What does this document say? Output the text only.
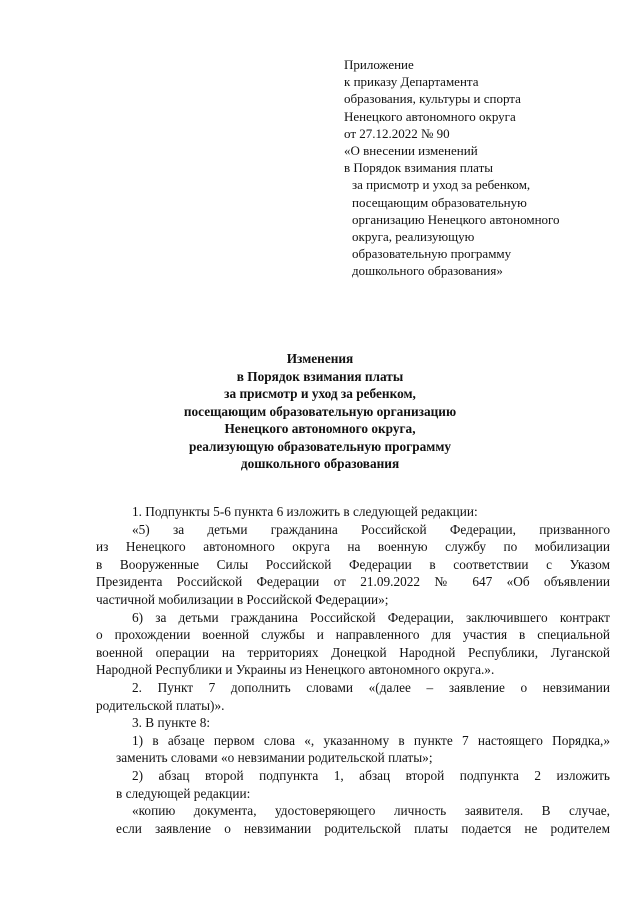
Приложение
к приказу Департамента
образования, культуры и спорта
Ненецкого автономного округа
от 27.12.2022 № 90
«О внесении изменений
в Порядок взимания платы
за присмотр и уход за ребенком,
посещающим образовательную
организацию Ненецкого автономного
округа, реализующую
образовательную программу
дошкольного образования»
Изменения
в Порядок взимания платы
за присмотр и уход за ребенком,
посещающим образовательную организацию
Ненецкого автономного округа,
реализующую образовательную программу
дошкольного образования
1. Подпункты 5-6 пункта 6 изложить в следующей редакции:
«5) за детьми гражданина Российской Федерации, призванного
из Ненецкого автономного округа на военную службу по мобилизации
в Вооруженные Силы Российской Федерации в соответствии с Указом
Президента Российской Федерации от 21.09.2022 № 647 «Об объявлении
частичной мобилизации в Российской Федерации»;
6) за детьми гражданина Российской Федерации, заключившего контракт
о прохождении военной службы и направленного для участия в специальной
военной операции на территориях Донецкой Народной Республики, Луганской
Народной Республики и Украины из Ненецкого автономного округа.».
2. Пункт 7 дополнить словами «(далее – заявление о невзимании
родительской платы)».
3. В пункте 8:
1) в абзаце первом слова «, указанному в пункте 7 настоящего Порядка,»
заменить словами «о невзимании родительской платы»;
2) абзац второй подпункта 1, абзац второй подпункта 2 изложить
в следующей редакции:
«копию документа, удостоверяющего личность заявителя. В случае,
если заявление о невзимании родительской платы подается не родителем
